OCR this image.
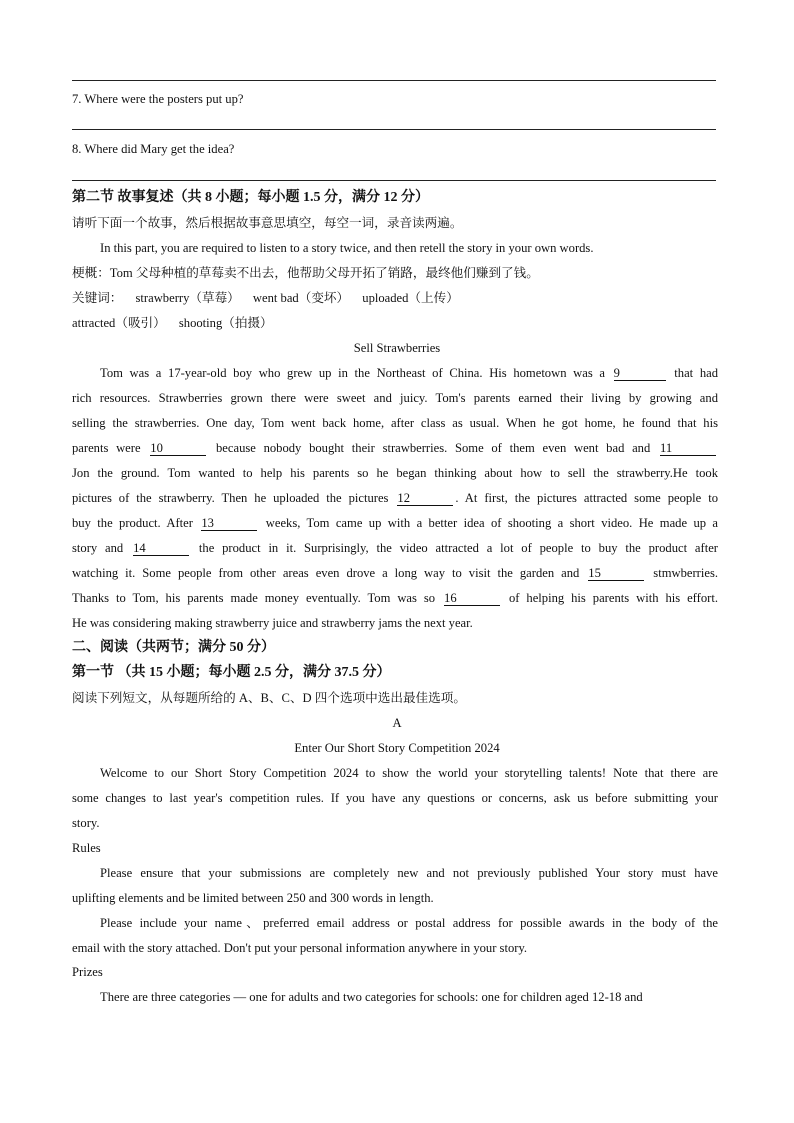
7. Where were the posters put up?
8. Where did Mary get the idea?
第二节 故事复述（共 8 小题；每小题 1.5 分，满分 12 分）
请听下面一个故事，然后根据故事意思填空，每空一词，录音读两遍。
In this part, you are required to listen to a story twice, and then retell the story in your own words.
梗概：Tom 父母种植的草莓卖不出去，他帮助父母开拓了销路，最终他们赚到了钱。
关键词： strawberry（草莓） went bad（变坏） uploaded（上传）
attracted（吸引） shooting（拍摄）
Sell Strawberries
Tom was a 17-year-old boy who grew up in the Northeast of China. His hometown was a 9	that had
rich resources. Strawberries grown there were sweet and juicy. Tom's parents earned their living by growing and
selling the strawberries. One day, Tom went back home, after class as usual. When he got home, he found that his
parents were 10	because nobody bought their strawberries. Some of them even went bad and 11
Jon the ground. Tom wanted to help his parents so he began thinking about how to sell the strawberry.He took
pictures of the strawberry. Then he uploaded the pictures 12	. At first, the pictures attracted some people to
buy the product. After 13	weeks, Tom came up with a better idea of shooting a short video. He made up a
story and 14	the product in it. Surprisingly, the video attracted a lot of people to buy the product after
watching it. Some people from other areas even drove a long way to visit the garden and 15	stmwberries.
Thanks to Tom, his parents made money eventually. Tom was so 16	of helping his parents with his effort.
He was considering making strawberry juice and strawberry jams the next year.
二、阅读（共两节；满分 50 分）
第一节 （共 15 小题；每小题 2.5 分，满分 37.5 分）
阅读下列短文，从每题所给的 A、B、C、D 四个选项中选出最佳选项。
A
Enter Our Short Story Competition 2024
Welcome to our Short Story Competition 2024 to show the world your storytelling talents! Note that there are
some changes to last year's competition rules. If you have any questions or concerns, ask us before submitting your
story.
Rules
Please ensure that your submissions are completely new and not previously published Your story must have
uplifting elements and be limited between 250 and 300 words in length.
Please include your name、preferred email address or postal address for possible awards in the body of the
email with the story attached. Don't put your personal information anywhere in your story.
Prizes
There are three categories — one for adults and two categories for schools: one for children aged 12-18 and
